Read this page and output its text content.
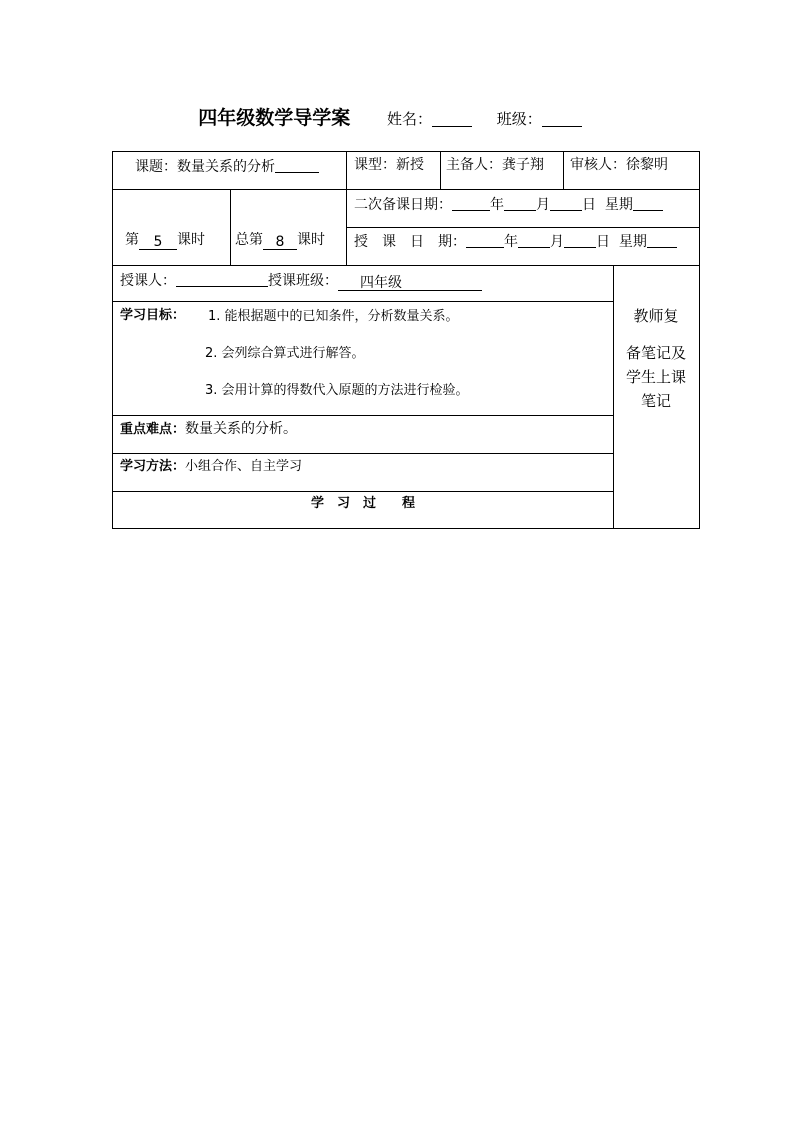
四年级数学导学案 姓名：	班级：
课题：数量关系的分析	课型：新授 主备人：龚子翔 审核人：徐黎明
第 5 课时 总第 8 课时
二次备课日期：	年 月 日 星期
授　课　日　期：	年 月 日 星期
授课人：	授课班级： 四年级
学习目标： 1. 能根据题中的已知条件，分析数量关系。
2. 会列综合算式进行解答。
3. 会用计算的得数代入原题的方法进行检验。
重点难点：数量关系的分析。
学习方法：小组合作、自主学习
学　习　过　　程
教师复
备笔记及
学生上课
笔记
